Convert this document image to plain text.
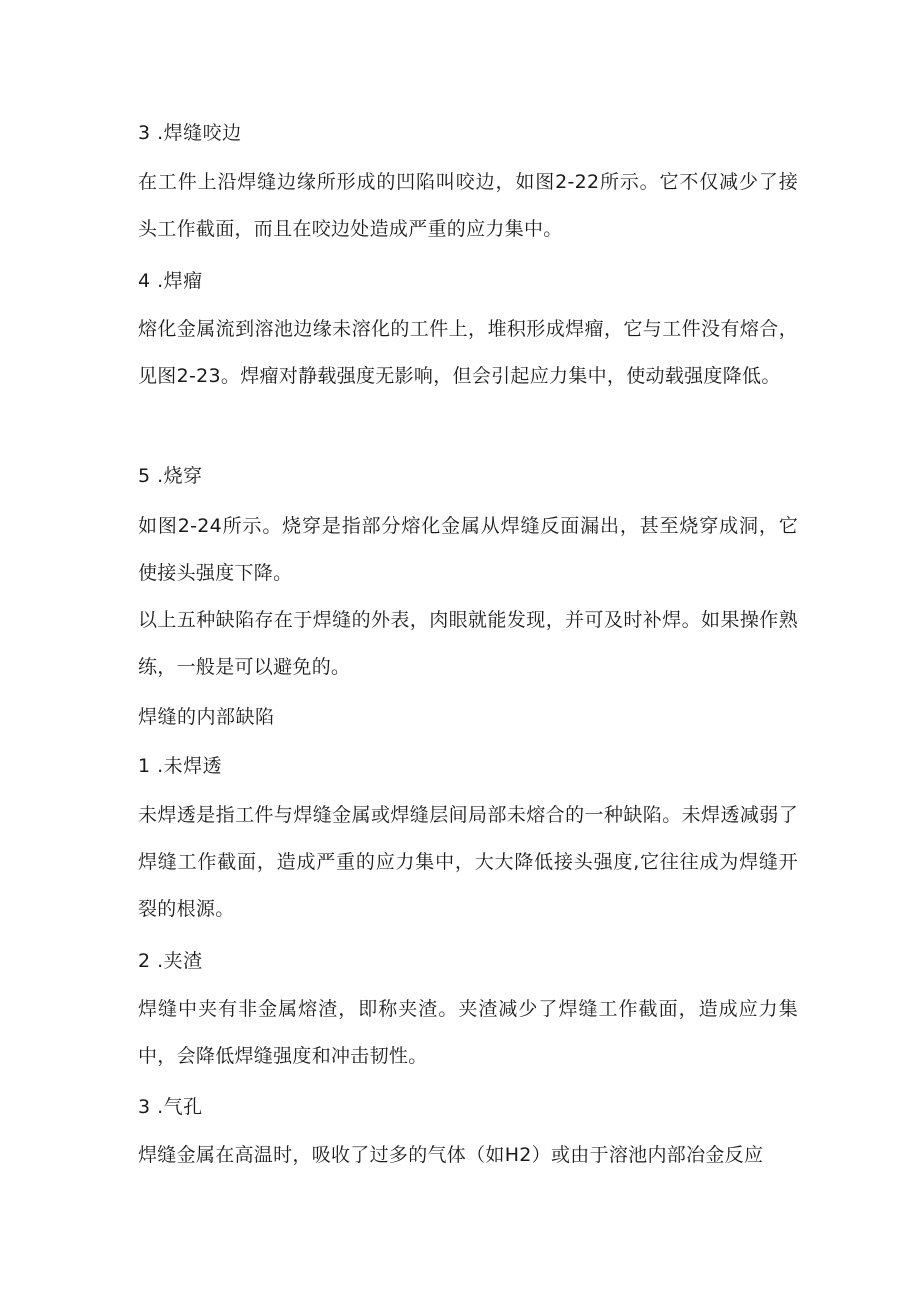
3 .焊缝咬边
在工件上沿焊缝边缘所形成的凹陷叫咬边，如图2-22所示。它不仅减少了接头工作截面，而且在咬边处造成严重的应力集中。
4 .焊瘤
熔化金属流到溶池边缘未溶化的工件上，堆积形成焊瘤，它与工件没有熔合，见图2-23。焊瘤对静载强度无影响，但会引起应力集中，使动载强度降低。
5 .烧穿
如图2-24所示。烧穿是指部分熔化金属从焊缝反面漏出，甚至烧穿成洞，它使接头强度下降。
以上五种缺陷存在于焊缝的外表，肉眼就能发现，并可及时补焊。如果操作熟练，一般是可以避免的。
焊缝的内部缺陷
1 .未焊透
未焊透是指工件与焊缝金属或焊缝层间局部未熔合的一种缺陷。未焊透减弱了焊缝工作截面，造成严重的应力集中，大大降低接头强度,它往往成为焊缝开裂的根源。
2 .夹渣
焊缝中夹有非金属熔渣，即称夹渣。夹渣减少了焊缝工作截面，造成应力集中，会降低焊缝强度和冲击韧性。
3 .气孔
焊缝金属在高温时，吸收了过多的气体（如H2）或由于溶池内部冶金反应
